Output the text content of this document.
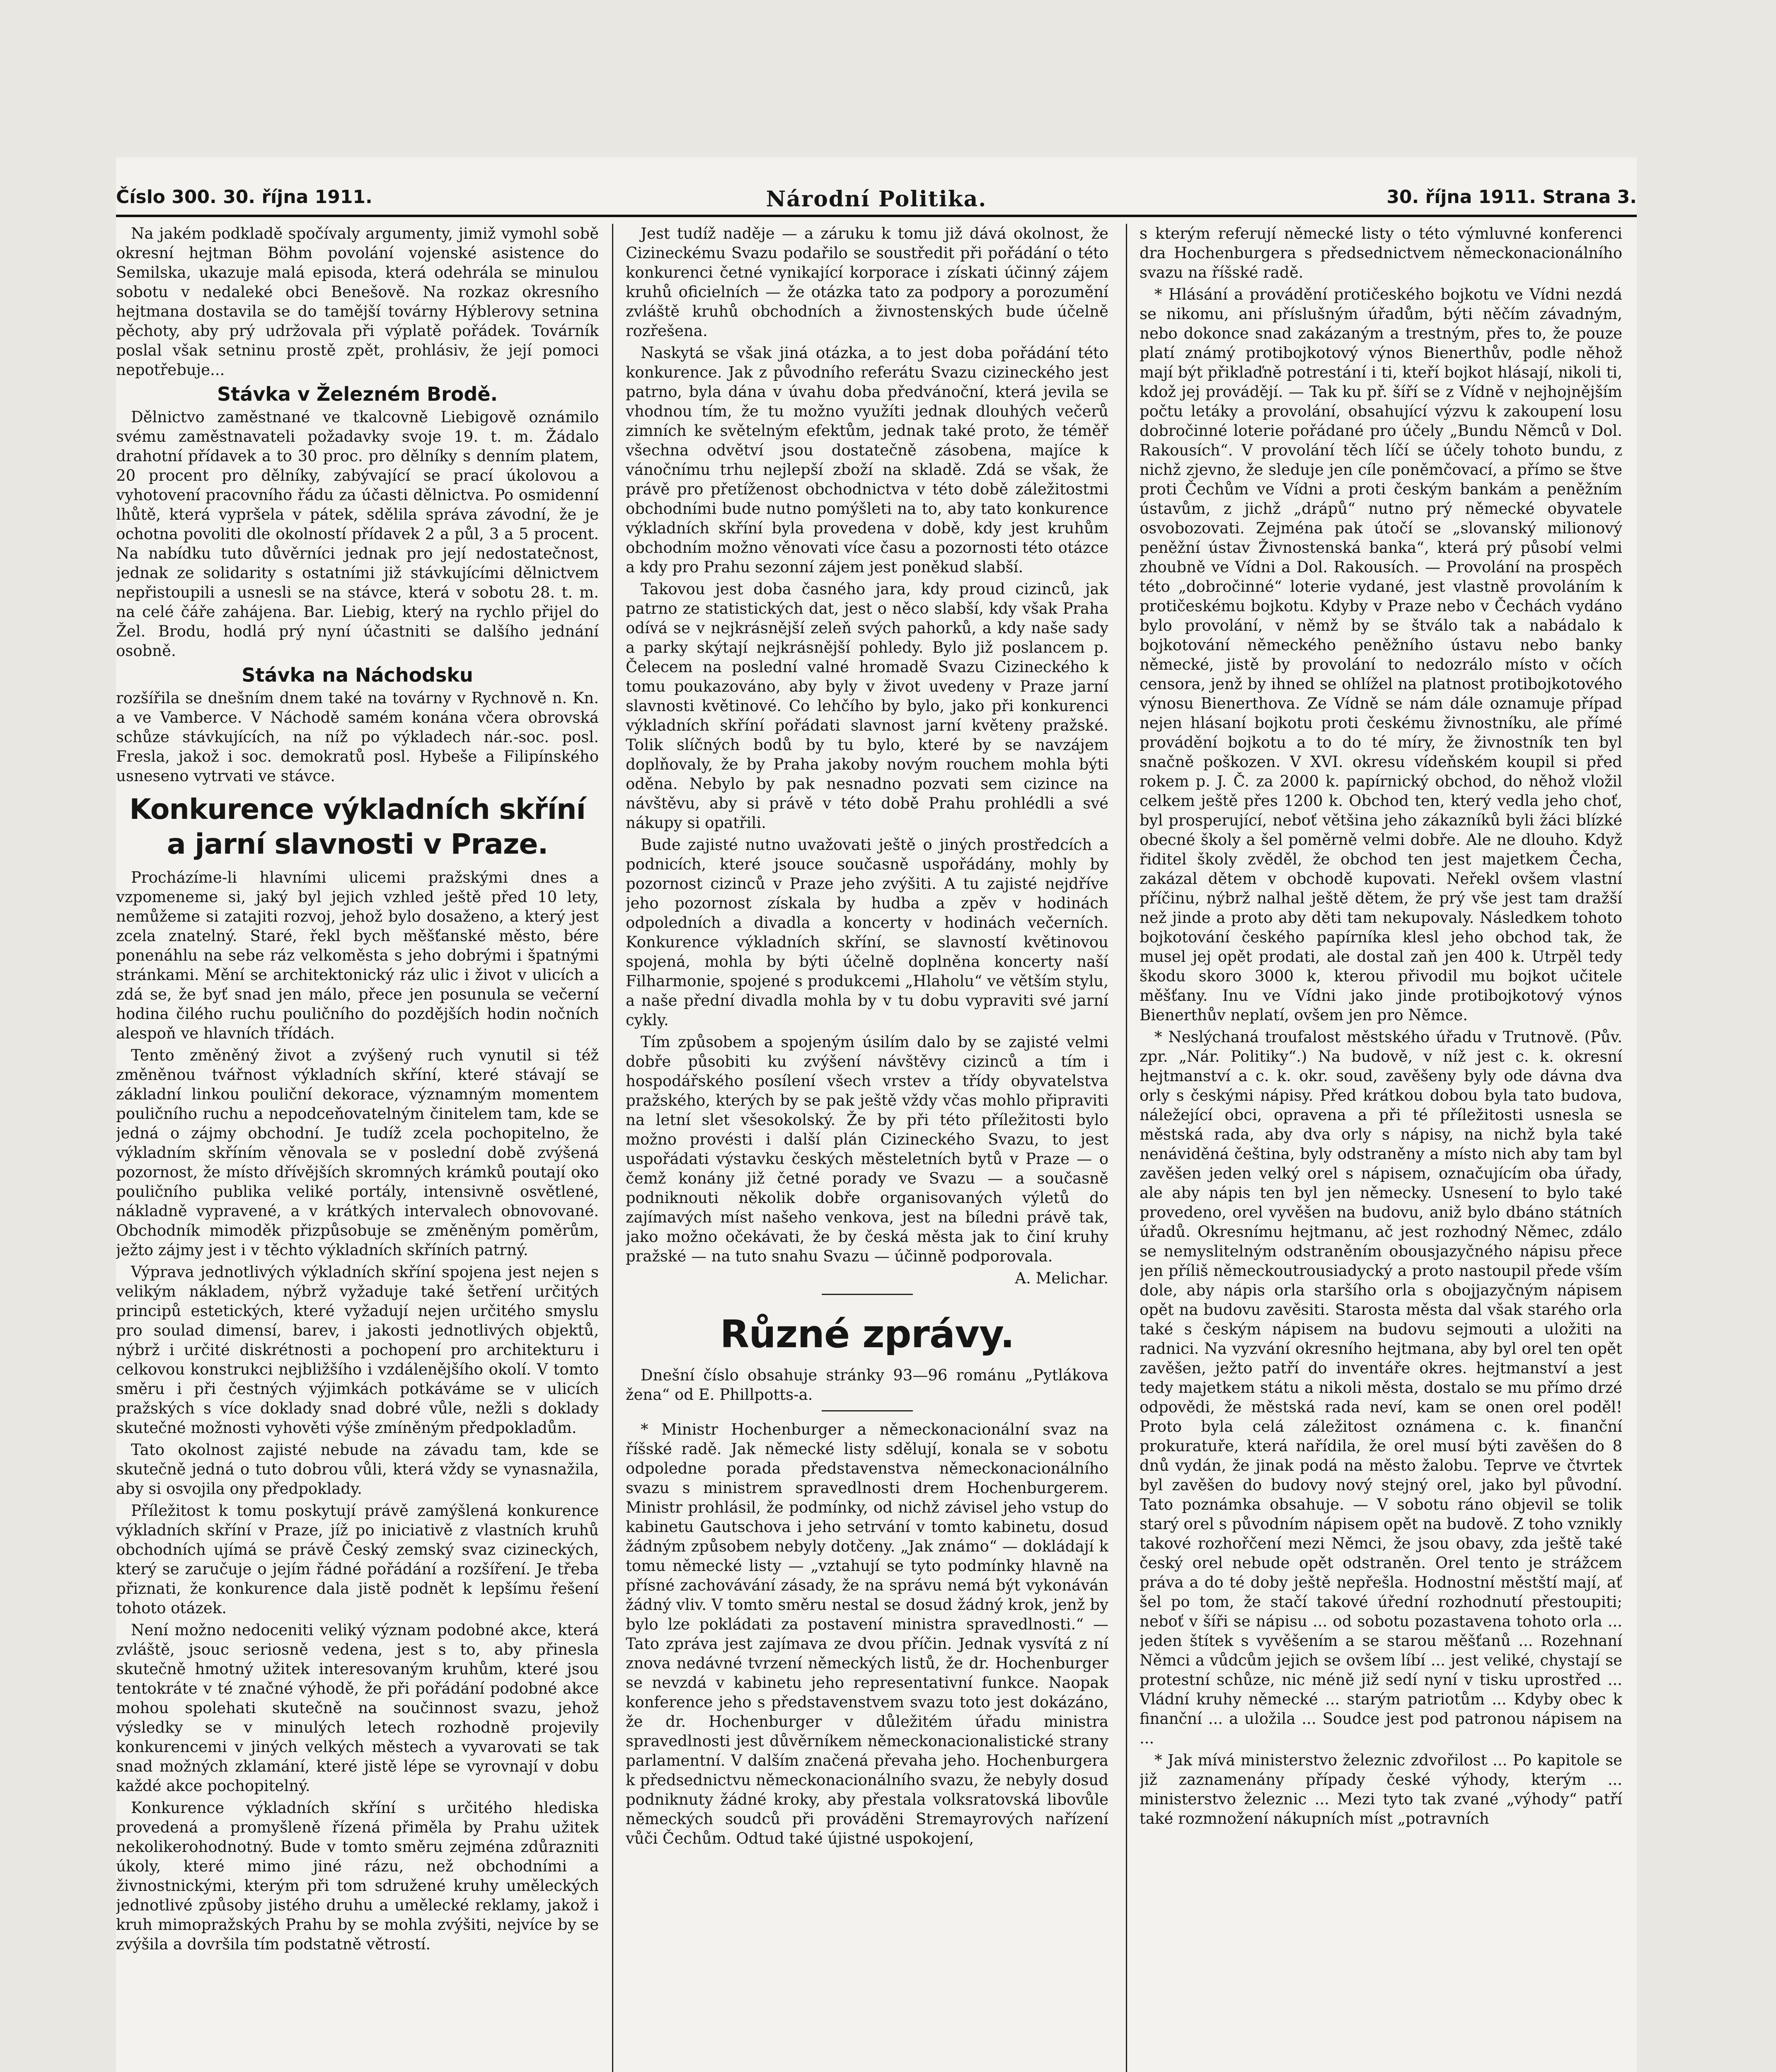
Číslo 300. 30. října 1911.	Národní Politika.	30. října 1911. Strana 3.

Na jakém podkladě spočívaly argumenty, jimiž vymohl sobě okresní hejtman Böhm povolání vojenské asistence do Semilska, ukazuje malá episoda, která odehrála se minulou sobotu v nedaleké obci Benešově. Na rozkaz okresního hejtmana dostavila se do tamější továrny Hýblerovy setnina pěchoty, aby prý udržovala při výplatě pořádek. Továrník poslal však setninu prostě zpět, prohlásiv, že její pomoci nepotřebuje...

Stávka v Železném Brodě.

Dělnictvo zaměstnané ve tkalcovně Liebigově oznámilo svému zaměstnavateli požadavky svoje 19. t. m. Žádalo drahotní přídavek a to 30 proc. pro dělníky s denním platem, 20 procent pro dělníky, zabývající se prací úkolovou a vyhotovení pracovního řádu za účasti dělnictva. Po osmidenní lhůtě, která vypršela v pátek, sdělila správa závodní, že je ochotna povoliti dle okolností přídavek 2 a půl, 3 a 5 procent. Na nabídku tuto důvěrníci jednak pro její nedostatečnost, jednak ze solidarity s ostatními již stávkujícími dělnictvem nepřistoupili a usnesli se na stávce, která v sobotu 28. t. m. na celé čáře zahájena. Bar. Liebig, který na rychlo přijel do Žel. Brodu, hodlá prý nyní účastniti se dalšího jednání osobně.

Stávka na Náchodsku

rozšířila se dnešním dnem také na továrny v Rychnově n. Kn. a ve Vamberce. V Náchodě samém konána včera obrovská schůze stávkujících, na níž po výkladech nár.-soc. posl. Fresla, jakož i soc. demokratů posl. Hybeše a Filipínského usneseno vytrvati ve stávce.

Konkurence výkladních skříní a jarní slavnosti v Praze.

Procházíme-li hlavními ulicemi pražskými dnes a vzpomeneme si, jaký byl jejich vzhled ještě před 10 lety, nemůžeme si zatajiti rozvoj, jehož bylo dosaženo, a který jest zcela znatelný. Staré, řekl bych měšťanské město, bére ponenáhlu na sebe ráz velkoměsta s jeho dobrými i špatnými stránkami. Mění se architektonický ráz ulic i život v ulicích a zdá se, že byť snad jen málo, přece jen posunula se večerní hodina čilého ruchu pouličního do pozdějších hodin nočních alespoň ve hlavních třídách.

Tento změněný život a zvýšený ruch vynutil si též změněnou tvářnost výkladních skříní, které stávají se základní linkou pouliční dekorace, významným momentem pouličního ruchu a nepodceňovatelným činitelem tam, kde se jedná o zájmy obchodní. Je tudíž zcela pochopitelno, že výkladním skříním věnovala se v poslední době zvýšená pozornost, že místo dřívějších skromných krámků poutají oko pouličního publika veliké portály, intensivně osvětlené, nákladně vypravené, a v krátkých intervalech obnovované. Obchodník mimoděk přizpůsobuje se změněným poměrům, ježto zájmy jest i v těchto výkladních skříních patrný.

Výprava jednotlivých výkladních skříní spojena jest nejen s velikým nákladem, nýbrž vyžaduje také šetření určitých principů estetických, které vyžadují nejen určitého smyslu pro soulad dimensí, barev, i jakosti jednotlivých objektů, nýbrž i určité diskrétnosti a pochopení pro architekturu i celkovou konstrukci nejbližšího i vzdálenějšího okolí. V tomto směru i při čestných výjimkách potkáváme se v ulicích pražských s více doklady snad dobré vůle, nežli s doklady skutečné možnosti vyhověti výše zmíněným předpokladům.

Tato okolnost zajisté nebude na závadu tam, kde se skutečně jedná o tuto dobrou vůli, která vždy se vynasnažila, aby si osvojila ony předpoklady.

Příležitost k tomu poskytují právě zamýšlená konkurence výkladních skříní v Praze, jíž po iniciativě z vlastních kruhů obchodních ujímá se právě Český zemský svaz cizineckých, který se zaručuje o jejím řádné pořádání a rozšíření. Je třeba přiznati, že konkurence dala jistě podnět k lepšímu řešení tohoto otázek.

Není možno nedoceniti veliký význam podobné akce, která zvláště, jsouc seriosně vedena, jest s to, aby přinesla skutečně hmotný užitek interesovaným kruhům, které jsou tentokráte v té značné výhodě, že při pořádání podobné akce mohou spolehati skutečně na součinnost svazu, jehož výsledky se v minulých letech rozhodně projevily konkurencemi v jiných velkých městech a vyvarovati se tak snad možných zklamání, které jistě lépe se vyrovnají v dobu každé akce pochopitelný.

Konkurence výkladních skříní s určitého hlediska provedená a promyšleně řízená přiměla by Prahu užitek nekolikerohodnotný. Bude v tomto směru zejména zdůrazniti úkoly, které mimo jiné rázu, než obchodními a živnostnickými, kterým při tom sdružené kruhy uměleckých jednotlivé způsoby jistého druhu a umělecké reklamy, jakož i kruh mimopražských Prahu by se mohla zvýšiti, nejvíce by se zvýšila a dovršila tím podstatně větrostí.

Jest tudíž naděje — a záruku k tomu již dává okolnost, že Cizineckému Svazu podařilo se soustředit při pořádání o této konkurenci četné vynikající korporace i získati účinný zájem kruhů oficielních — že otázka tato za podpory a porozumění zvláště kruhů obchodních a živnostenských bude účelně rozřešena.

Naskytá se však jiná otázka, a to jest doba pořádání této konkurence. Jak z původního referátu Svazu cizineckého jest patrno, byla dána v úvahu doba předvánoční, která jevila se vhodnou tím, že tu možno využíti jednak dlouhých večerů zimních ke světelným efektům, jednak také proto, že téměř všechna odvětví jsou dostatečně zásobena, majíce k vánočnímu trhu nejlepší zboží na skladě. Zdá se však, že právě pro přetíženost obchodnictva v této době záležitostmi obchodními bude nutno pomýšleti na to, aby tato konkurence výkladních skříní byla provedena v době, kdy jest kruhům obchodním možno věnovati více času a pozornosti této otázce a kdy pro Prahu sezonní zájem jest poněkud slabší.

Takovou jest doba časného jara, kdy proud cizinců, jak patrno ze statistických dat, jest o něco slabší, kdy však Praha odívá se v nejkrásnější zeleň svých pahorků, a kdy naše sady a parky skýtají nejkrásnější pohledy. Bylo již poslancem p. Čelecem na poslední valné hromadě Svazu Cizineckého k tomu poukazováno, aby byly v život uvedeny v Praze jarní slavnosti květinové. Co lehčího by bylo, jako při konkurenci výkladních skříní pořádati slavnost jarní květeny pražské. Tolik slíčných bodů by tu bylo, které by se navzájem doplňovaly, že by Praha jakoby novým rouchem mohla býti oděna. Nebylo by pak nesnadno pozvati sem cizince na návštěvu, aby si právě v této době Prahu prohlédli a své nákupy si opatřili.

Bude zajisté nutno uvažovati ještě o jiných prostředcích a podnicích, které jsouce současně uspořádány, mohly by pozornost cizinců v Praze jeho zvýšiti. A tu zajisté nejdříve jeho pozornost získala by hudba a zpěv v hodinách odpoledních a divadla a koncerty v hodinách večerních. Konkurence výkladních skříní, se slavností květinovou spojená, mohla by býti účelně doplněna koncerty naší Filharmonie, spojené s produkcemi „Hlaholu“ ve větším stylu, a naše přední divadla mohla by v tu dobu vypraviti své jarní cykly.

Tím způsobem a spojeným úsilím dalo by se zajisté velmi dobře působiti ku zvýšení návštěvy cizinců a tím i hospodářského posílení všech vrstev a třídy obyvatelstva pražského, kterých by se pak ještě vždy včas mohlo připraviti na letní slet všesokolský. Že by při této příležitosti bylo možno provésti i další plán Cizineckého Svazu, to jest uspořádati výstavku českých městeletních bytů v Praze — o čemž konány již četné porady ve Svazu — a současně podniknouti několik dobře organisovaných výletů do zajímavých míst našeho venkova, jest na bíledni právě tak, jako možno očekávati, že by česká města jak to činí kruhy pražské — na tuto snahu Svazu — účinně podporovala.

A. Melichar.
Různé zprávy.

Dnešní číslo obsahuje stránky 93—96 románu „Pytlákova žena“ od E. Phillpotts-a.

* Ministr Hochenburger a německonacionální svaz na říšské radě. Jak německé listy sdělují, konala se v sobotu odpoledne porada představenstva německonacionálního svazu s ministrem spravedlnosti drem Hochenburgerem. Ministr prohlásil, že podmínky, od nichž závisel jeho vstup do kabinetu Gautschova i jeho setrvání v tomto kabinetu, dosud žádným způsobem nebyly dotčeny. „Jak známo“ — dokládají k tomu německé listy — „vztahují se tyto podmínky hlavně na přísné zachovávání zásady, že na správu nemá být vykonáván žádný vliv. V tomto směru nestal se dosud žádný krok, jenž by bylo lze pokládati za postavení ministra spravedlnosti.“ — Tato zpráva jest zajímava ze dvou příčin. Jednak vysvítá z ní znova nedávné tvrzení německých listů, že dr. Hochenburger se nevzdá v kabinetu jeho representativní funkce. Naopak konference jeho s představenstvem svazu toto jest dokázáno, že dr. Hochenburger v důležitém úřadu ministra spravedlnosti jest důvěrníkem německonacionalistické strany parlamentní. V dalším značená převaha jeho. Hochenburgera k předsednictvu německonacionálního svazu, že nebyly dosud podniknuty žádné kroky, aby přestala volksratovská libovůle německých soudců při prováděni Stremayrových nařízení vůči Čechům. Odtud také újistné uspokojení,

s kterým referují německé listy o této výmluvné konferenci dra Hochenburgera s předsednictvem německonacionálního svazu na říšské radě.

* Hlásání a provádění protičeského bojkotu ve Vídni nezdá se nikomu, ani příslušným úřadům, býti něčím závadným, nebo dokonce snad zakázaným a trestným, přes to, že pouze platí známý protibojkotový výnos Bienerthův, podle něhož mají být přiklaďně potrestání i ti, kteří bojkot hlásají, nikoli ti, kdož jej provádějí. — Tak ku př. šíří se z Vídně v nejhojnějším počtu letáky a provolání, obsahující výzvu k zakoupení losu dobročinné loterie pořádané pro účely „Bundu Němců v Dol. Rakousích“. V provolání těch líčí se účely tohoto bundu, z nichž zjevno, že sleduje jen cíle poněmčovací, a přímo se štve proti Čechům ve Vídni a proti českým bankám a peněžním ústavům, z jichž „drápů“ nutno prý německé obyvatele osvobozovati. Zejména pak útočí se „slovanský milionový peněžní ústav Živnostenská banka“, která prý působí velmi zhoubně ve Vídni a Dol. Rakousích. — Provolání na prospěch této „dobročinné“ loterie vydané, jest vlastně provoláním k protičeskému bojkotu. Kdyby v Praze nebo v Čechách vydáno bylo provolání, v němž by se štválo tak a nabádalo k bojkotování německého peněžního ústavu nebo banky německé, jistě by provolání to nedozrálo místo v očích censora, jenž by ihned se ohlížel na platnost protibojkotového výnosu Bienerthova. Ze Vídně se nám dále oznamuje případ nejen hlásaní bojkotu proti českému živnostníku, ale přímé provádění bojkotu a to do té míry, že živnostník ten byl snačně poškozen. V XVI. okresu vídeňském koupil si před rokem p. J. Č. za 2000 k. papírnický obchod, do něhož vložil celkem ještě přes 1200 k. Obchod ten, který vedla jeho choť, byl prosperující, neboť většina jeho zákazníků byli žáci blízké obecné školy a šel poměrně velmi dobře. Ale ne dlouho. Když řiditel školy zvěděl, že obchod ten jest majetkem Čecha, zakázal dětem v obchodě kupovati. Neřekl ovšem vlastní příčinu, nýbrž nalhal ještě dětem, že prý vše jest tam dražší než jinde a proto aby děti tam nekupovaly. Následkem tohoto bojkotování českého papírníka klesl jeho obchod tak, že musel jej opět prodati, ale dostal zaň jen 400 k. Utrpěl tedy škodu skoro 3000 k, kterou přivodil mu bojkot učitele měšťany. Inu ve Vídni jako jinde protibojkotový výnos Bienerthův neplatí, ovšem jen pro Němce.

* Neslýchaná troufalost městského úřadu v Trutnově. (Pův. zpr. „Nár. Politiky“.) Na budově, v níž jest c. k. okresní hejtmanství a c. k. okr. soud, zavěšeny byly ode dávna dva orly s českými nápisy. Před krátkou dobou byla tato budova, náležející obci, opravena a při té příležitosti usnesla se městská rada, aby dva orly s nápisy, na nichž byla také nenáviděná čeština, byly odstraněny a místo nich aby tam byl zavěšen jeden velký orel s nápisem, označujícím oba úřady, ale aby nápis ten byl jen německy. Usnesení to bylo také provedeno, orel vyvěšen na budovu, aniž bylo dbáno státních úřadů. Okresnímu hejtmanu, ač jest rozhodný Němec, zdálo se nemyslitelným odstraněním obousjazyčného nápisu přece jen příliš německoutrousiadycký a proto nastoupil přede vším dole, aby nápis orla staršího orla s obojjazyčným nápisem opět na budovu zavěsiti. Starosta města dal však starého orla také s českým nápisem na budovu sejmouti a uložiti na radnici. Na vyzvání okresního hejtmana, aby byl orel ten opět zavěšen, ježto patří do inventáře okres. hejtmanství a jest tedy majetkem státu a nikoli města, dostalo se mu přímo drzé odpovědi, že městská rada neví, kam se onen orel poděl! Proto byla celá záležitost oznámena c. k. finanční prokuratuře, která nařídila, že orel musí býti zavěšen do 8 dnů vydán, že jinak podá na město žalobu. Teprve ve čtvrtek byl zavěšen do budovy nový stejný orel, jako byl původní. Tato poznámka obsahuje. — V sobotu ráno objevil se tolik starý orel s původním nápisem opět na budově. Z toho vznikly takové rozhořčení mezi Němci, že jsou obavy, zda ještě také český orel nebude opět odstraněn. Orel tento je strážcem práva a do té doby ještě nepřešla. Hodnostní městští mají, ať šel po tom, že stačí takové úřední rozhodnutí přestoupiti; neboť v šíři se nápisu ... od sobotu pozastavena tohoto orla ... jeden štítek s vyvěšením a se starou měšťanů ... Rozehnaní Němci a vůdcům jejich se ovšem líbí ... jest veliké, chystají se protestní schůze, nic méně již sedí nyní v tisku uprostřed ... Vládní kruhy německé ... starým patriotům ... Kdyby obec k finanční ... a uložila ... Soudce jest pod patronou nápisem na ...

* Jak mívá ministerstvo železnic zdvořilost ... Po kapitole se již zaznamenány případy české výhody, kterým ... ministerstvo železnic ... Mezi tyto tak zvané „výhody“ patří také rozmnožení nákupních míst „potravních
